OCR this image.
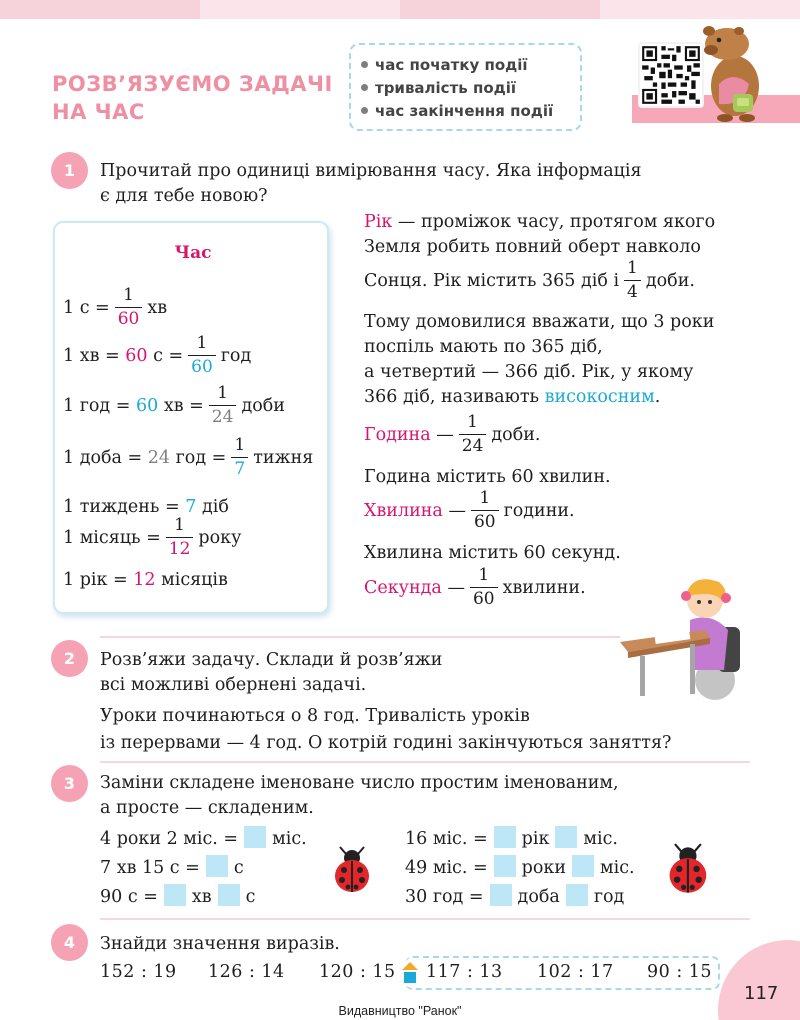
РОЗВ’ЯЗУЄМО ЗАДАЧІ
НА ЧАС
час початку події
тривалість події
час закінчення події
1	Прочитай про одиниці вимірювання часу. Яка інформація
є для тебе новою?
Час
1 $с = \frac{1}{60}$ хв
1 хв =
60
$с = \frac{1}{60}$ год
1 год =
60
хв = $\frac{1}{24}$ доби
1 доба =
24
год = $\frac{1}{7}$ тижня
1 тиждень =
7
діб
1 місяць = $\frac{1}{12}$ року
1 рік =
12
місяців
Рік — проміжок часу, протягом якого
Земля робить повний оберт навколо
Сонця. Рік містить 365 діб і $\frac{1}{4}$ доби.
Тому домовилися вважати, що 3 роки
поспіль мають по 365 діб,
а четвертий — 366 діб. Рік, у якому
366 діб, називають високосним.
Година
— $\frac{1}{24}$ доби.
Година містить 60 хвилин.
Хвилина
— $\frac{1}{60}$ години.
Хвилина містить 60 секунд.
Секунда
— $\frac{1}{60}$ хвилини.
2	Розв’яжи задачу. Склади й розв’яжи
всі можливі обернені задачі.
Уроки починаються о 8 год. Тривалість уроків
із перервами — 4 год. О котрій годині закінчуються заняття?
3	Заміни складене іменоване число простим іменованим,
а просте — складеним.
4 роки 2 міс. = міс.
7 хв 15 с = с
90 с = хв с
16 міс. = рік міс.
49 міс. = роки міс.
30 год = доба год
4	Знайди значення виразів.
152 : 19 126 : 14 120 : 15 117 : 13 102 : 17 90 : 15
117
Видавництво "Ранок"
